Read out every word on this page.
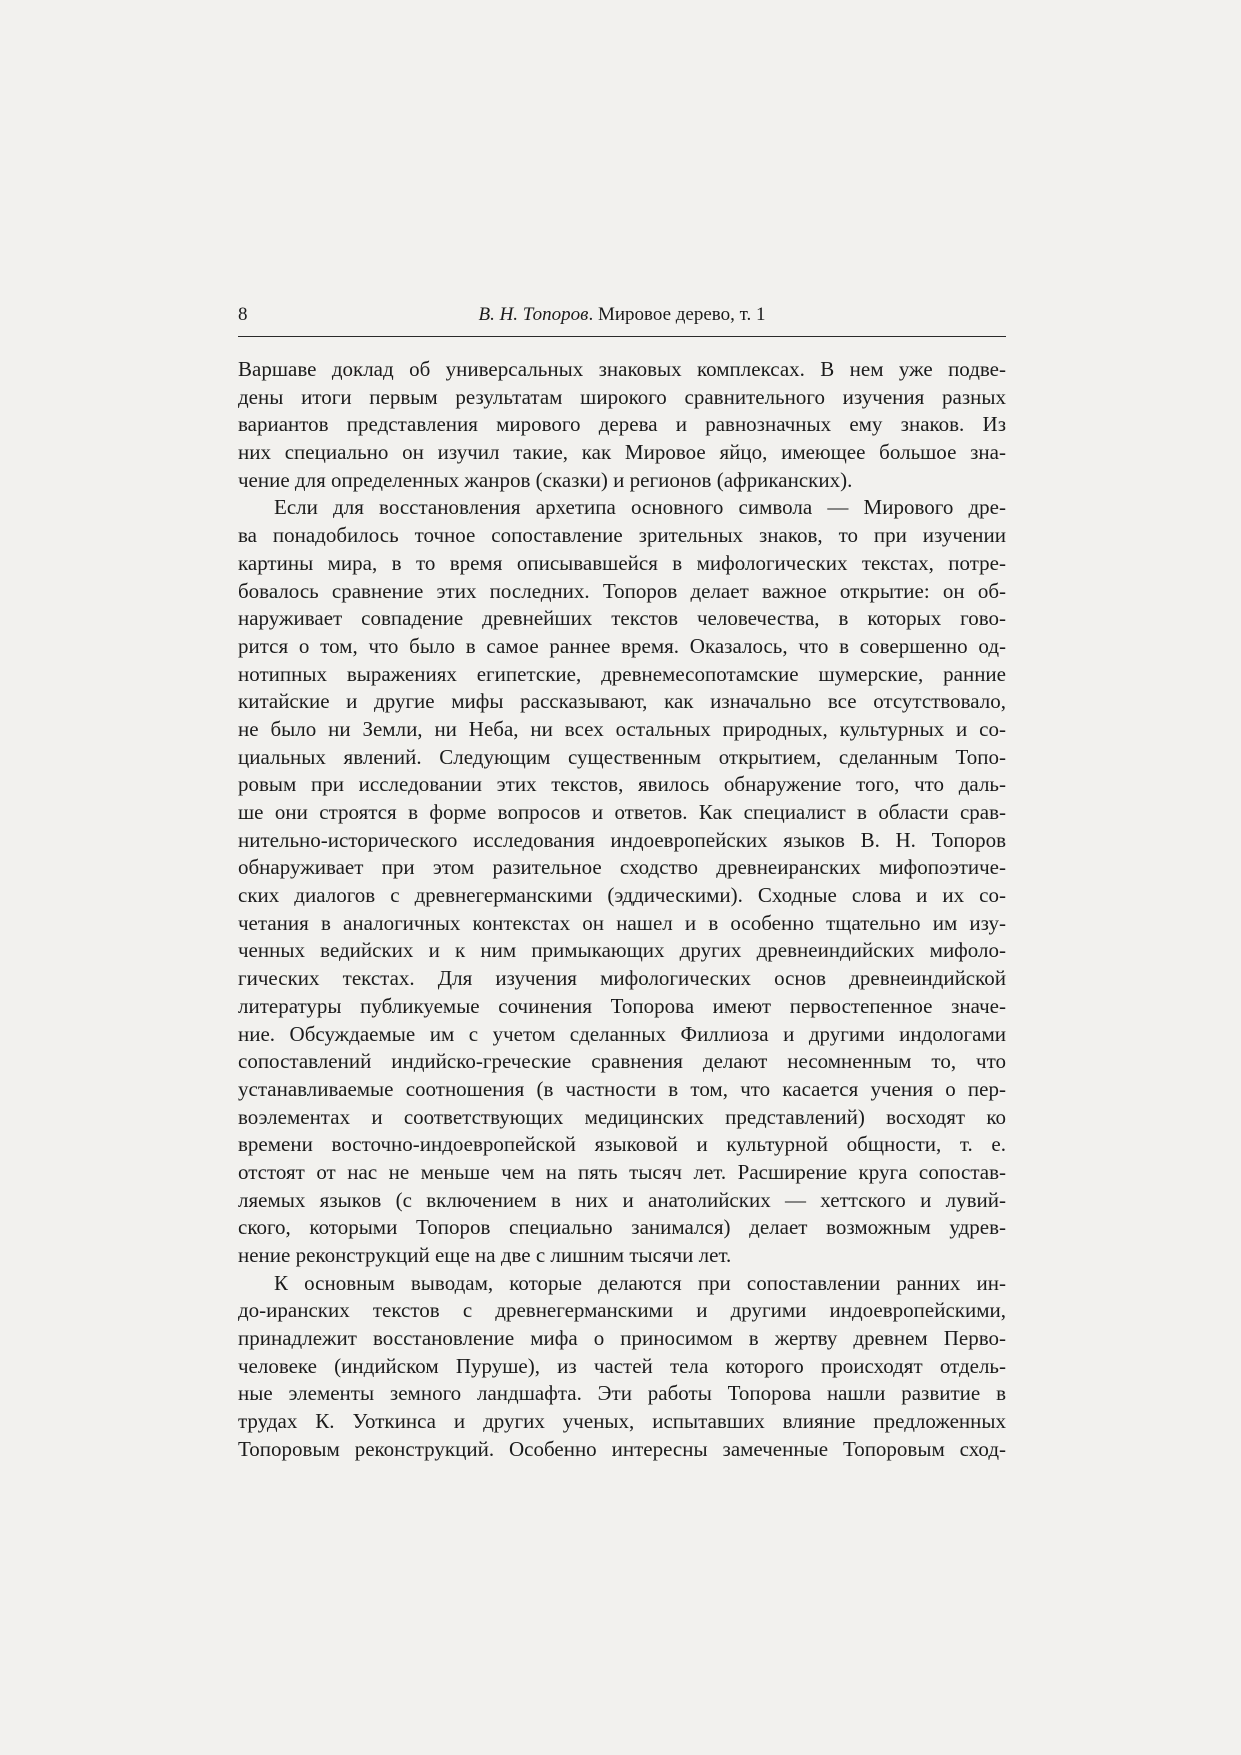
8	В. Н. Топоров. Мировое дерево, т. 1
Варшаве доклад об универсальных знаковых комплексах. В нем уже подве-
дены итоги первым результатам широкого сравнительного изучения разных
вариантов представления мирового дерева и равнозначных ему знаков. Из
них специально он изучил такие, как Мировое яйцо, имеющее большое зна-
чение для определенных жанров (сказки) и регионов (африканских).
Если для восстановления архетипа основного символа — Мирового дре-
ва понадобилось точное сопоставление зрительных знаков, то при изучении
картины мира, в то время описывавшейся в мифологических текстах, потре-
бовалось сравнение этих последних. Топоров делает важное открытие: он об-
наруживает совпадение древнейших текстов человечества, в которых гово-
рится о том, что было в самое раннее время. Оказалось, что в совершенно од-
нотипных выражениях египетские, древнемесопотамские шумерские, ранние
китайские и другие мифы рассказывают, как изначально все отсутствовало,
не было ни Земли, ни Неба, ни всех остальных природных, культурных и со-
циальных явлений. Следующим существенным открытием, сделанным Топо-
ровым при исследовании этих текстов, явилось обнаружение того, что даль-
ше они строятся в форме вопросов и ответов. Как специалист в области срав-
нительно-исторического исследования индоевропейских языков В. Н. Топоров
обнаруживает при этом разительное сходство древнеиранских мифопоэтиче-
ских диалогов с древнегерманскими (эддическими). Сходные слова и их со-
четания в аналогичных контекстах он нашел и в особенно тщательно им изу-
ченных ведийских и к ним примыкающих других древнеиндийских мифоло-
гических текстах. Для изучения мифологических основ древнеиндийской
литературы публикуемые сочинения Топорова имеют первостепенное значе-
ние. Обсуждаемые им с учетом сделанных Филлиоза и другими индологами
сопоставлений индийско-греческие сравнения делают несомненным то, что
устанавливаемые соотношения (в частности в том, что касается учения о пер-
воэлементах и соответствующих медицинских представлений) восходят ко
времени восточно-индоевропейской языковой и культурной общности, т. е.
отстоят от нас не меньше чем на пять тысяч лет. Расширение круга сопостав-
ляемых языков (с включением в них и анатолийских — хеттского и лувий-
ского, которыми Топоров специально занимался) делает возможным удрев-
нение реконструкций еще на две с лишним тысячи лет.
К основным выводам, которые делаются при сопоставлении ранних ин-
до-иранских текстов с древнегерманскими и другими индоевропейскими,
принадлежит восстановление мифа о приносимом в жертву древнем Перво-
человеке (индийском Пуруше), из частей тела которого происходят отдель-
ные элементы земного ландшафта. Эти работы Топорова нашли развитие в
трудах К. Уоткинса и других ученых, испытавших влияние предложенных
Топоровым реконструкций. Особенно интересны замеченные Топоровым сход-
